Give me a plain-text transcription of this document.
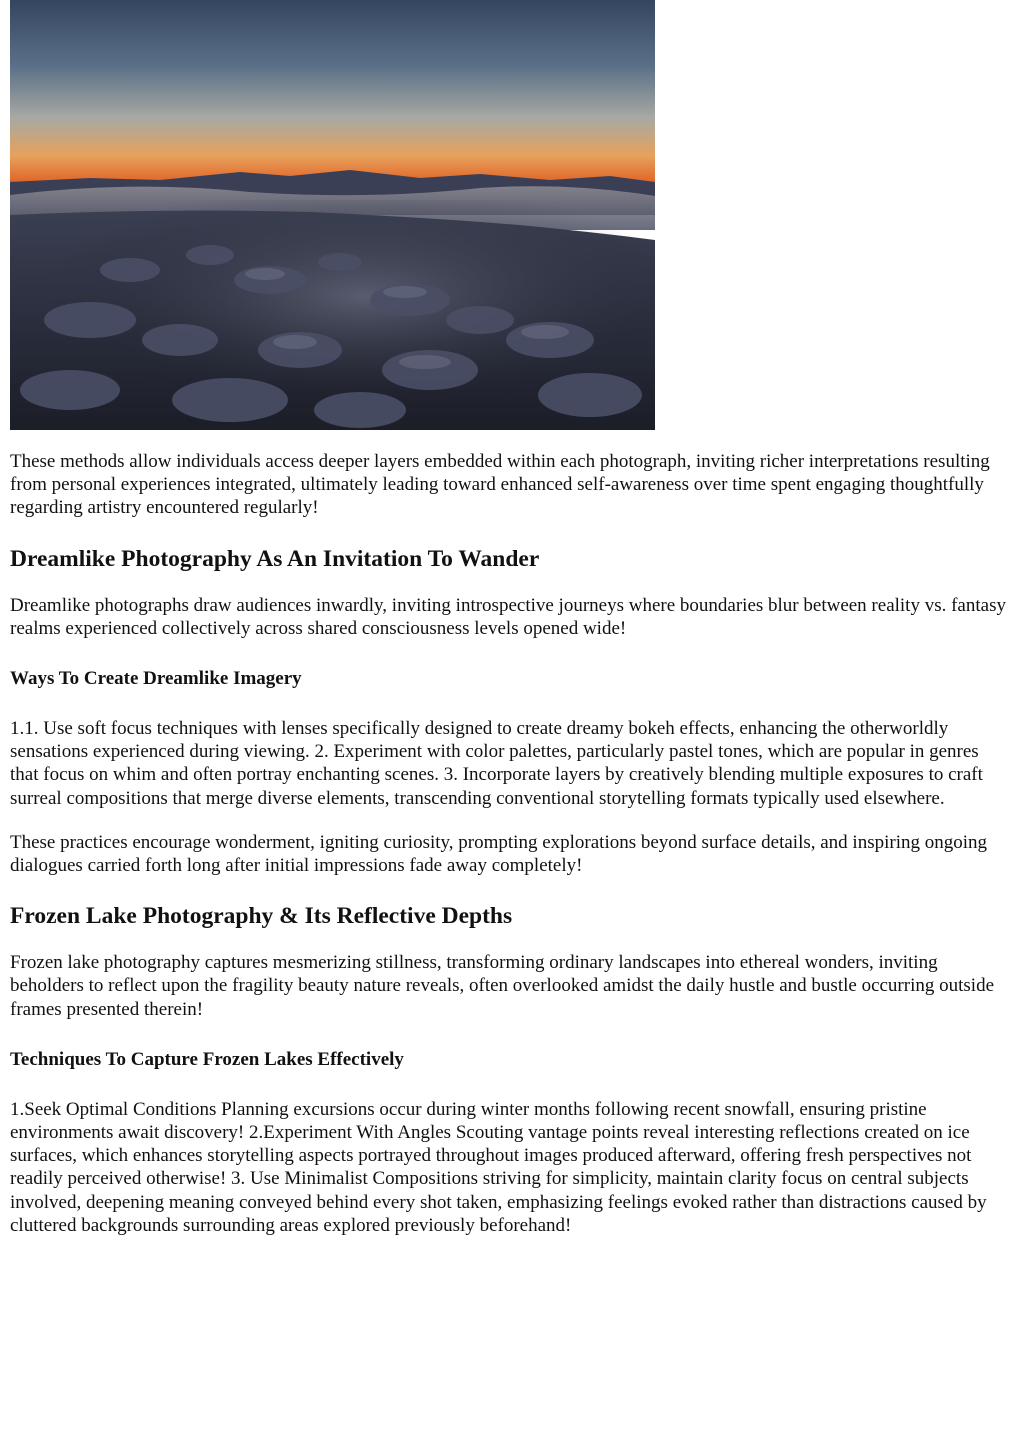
These methods allow individuals access deeper layers embedded within each photograph, inviting richer interpretations resulting from personal experiences integrated, ultimately leading toward enhanced self-awareness over time spent engaging thoughtfully regarding artistry encountered regularly!

Dreamlike Photography As An Invitation To Wander

Dreamlike photographs draw audiences inwardly, inviting introspective journeys where boundaries blur between reality vs. fantasy realms experienced collectively across shared consciousness levels opened wide!

Ways To Create Dreamlike Imagery

1.1. Use soft focus techniques with lenses specifically designed to create dreamy bokeh effects, enhancing the otherworldly sensations experienced during viewing. 2. Experiment with color palettes, particularly pastel tones, which are popular in genres that focus on whim and often portray enchanting scenes. 3. Incorporate layers by creatively blending multiple exposures to craft surreal compositions that merge diverse elements, transcending conventional storytelling formats typically used elsewhere.

These practices encourage wonderment, igniting curiosity, prompting explorations beyond surface details, and inspiring ongoing dialogues carried forth long after initial impressions fade away completely!

Frozen Lake Photography & Its Reflective Depths

Frozen lake photography captures mesmerizing stillness, transforming ordinary landscapes into ethereal wonders, inviting beholders to reflect upon the fragility beauty nature reveals, often overlooked amidst the daily hustle and bustle occurring outside frames presented therein!

Techniques To Capture Frozen Lakes Effectively

1.Seek Optimal Conditions Planning excursions occur during winter months following recent snowfall, ensuring pristine environments await discovery! 2.Experiment With Angles Scouting vantage points reveal interesting reflections created on ice surfaces, which enhances storytelling aspects portrayed throughout images produced afterward, offering fresh perspectives not readily perceived otherwise! 3. Use Minimalist Compositions striving for simplicity, maintain clarity focus on central subjects involved, deepening meaning conveyed behind every shot taken, emphasizing feelings evoked rather than distractions caused by cluttered backgrounds surrounding areas explored previously beforehand!
